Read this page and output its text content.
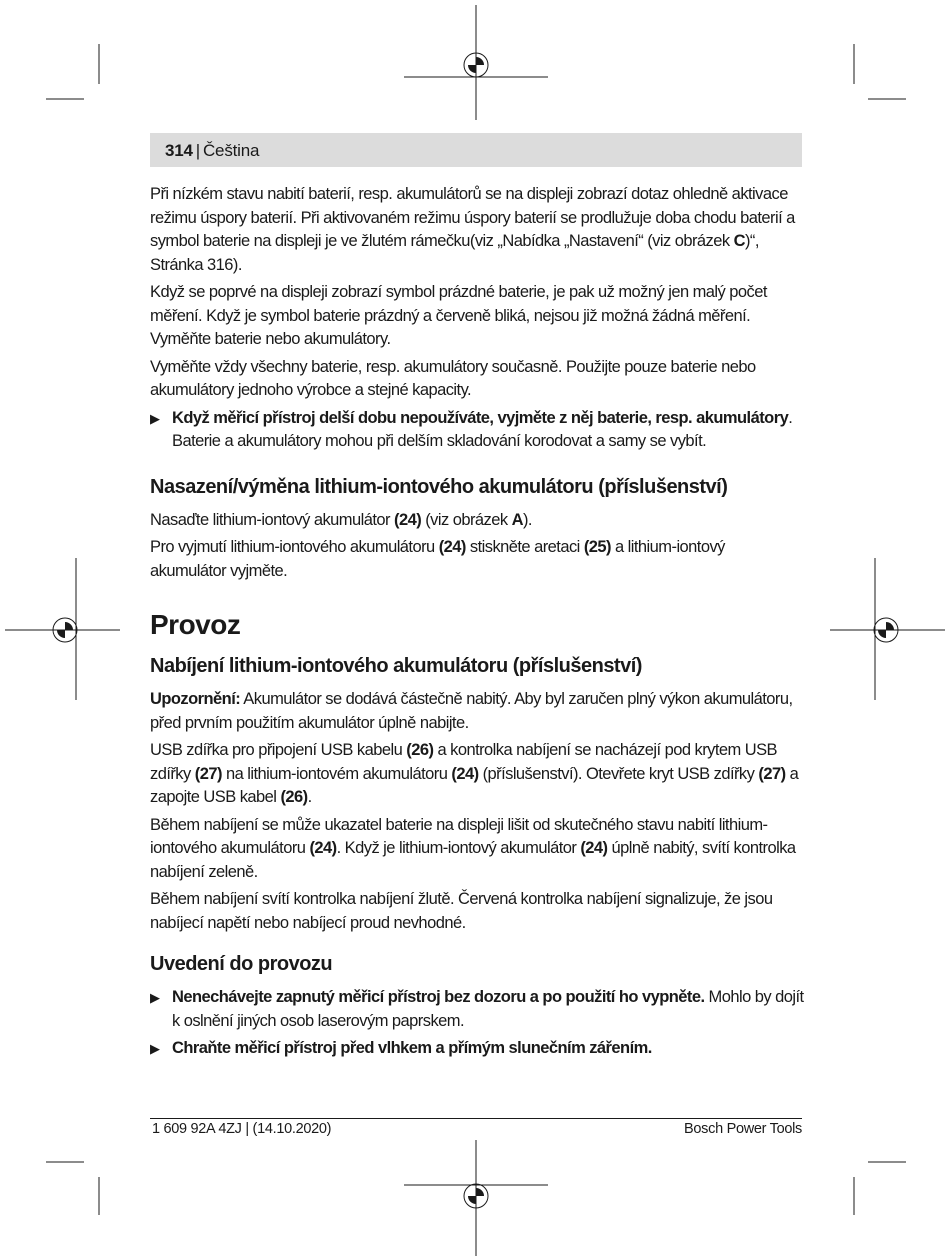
314 | Čeština

Při nízkém stavu nabití baterií, resp. akumulátorů se na displeji zobrazí dotaz ohledně aktivace režimu úspory baterií. Při aktivovaném režimu úspory baterií se prodlužuje doba chodu baterií a symbol baterie na displeji je ve žlutém rámečku(viz „Nabídka „Nastavení“ (viz obrázek C)“, Stránka 316).

Když se poprvé na displeji zobrazí symbol prázdné baterie, je pak už možný jen malý počet měření. Když je symbol baterie prázdný a červeně bliká, nejsou již možná žádná měření. Vyměňte baterie nebo akumulátory.

Vyměňte vždy všechny baterie, resp. akumulátory současně. Použijte pouze baterie nebo akumulátory jednoho výrobce a stejné kapacity.

▶ Když měřicí přístroj delší dobu nepoužíváte, vyjměte z něj baterie, resp. akumulátory. Baterie a akumulátory mohou při delším skladování korodovat a samy se vybít.
Nasazení/výměna lithium-iontového akumulátoru (příslušenství)

Nasaďte lithium-iontový akumulátor (24) (viz obrázek A).

Pro vyjmutí lithium-iontového akumulátoru (24) stiskněte aretaci (25) a lithium-iontový akumulátor vyjměte.

Provoz
Nabíjení lithium-iontového akumulátoru (příslušenství)

Upozornění: Akumulátor se dodává částečně nabitý. Aby byl zaručen plný výkon akumulátoru, před prvním použitím akumulátor úplně nabijte.

USB zdířka pro připojení USB kabelu (26) a kontrolka nabíjení se nacházejí pod krytem USB zdířky (27) na lithium-iontovém akumulátoru (24) (příslušenství). Otevřete kryt USB zdířky (27) a zapojte USB kabel (26).

Během nabíjení se může ukazatel baterie na displeji lišit od skutečného stavu nabití lithium-iontového akumulátoru (24). Když je lithium-iontový akumulátor (24) úplně nabitý, svítí kontrolka nabíjení zeleně.

Během nabíjení svítí kontrolka nabíjení žlutě. Červená kontrolka nabíjení signalizuje, že jsou nabíjecí napětí nebo nabíjecí proud nevhodné.

Uvedení do provozu
▶ Nenechávejte zapnutý měřicí přístroj bez dozoru a po použití ho vypněte. Mohlo by dojít k oslnění jiných osob laserovým paprskem.
▶ Chraňte měřicí přístroj před vlhkem a přímým slunečním zářením.
1 609 92A 4ZJ | (14.10.2020)	Bosch Power Tools
